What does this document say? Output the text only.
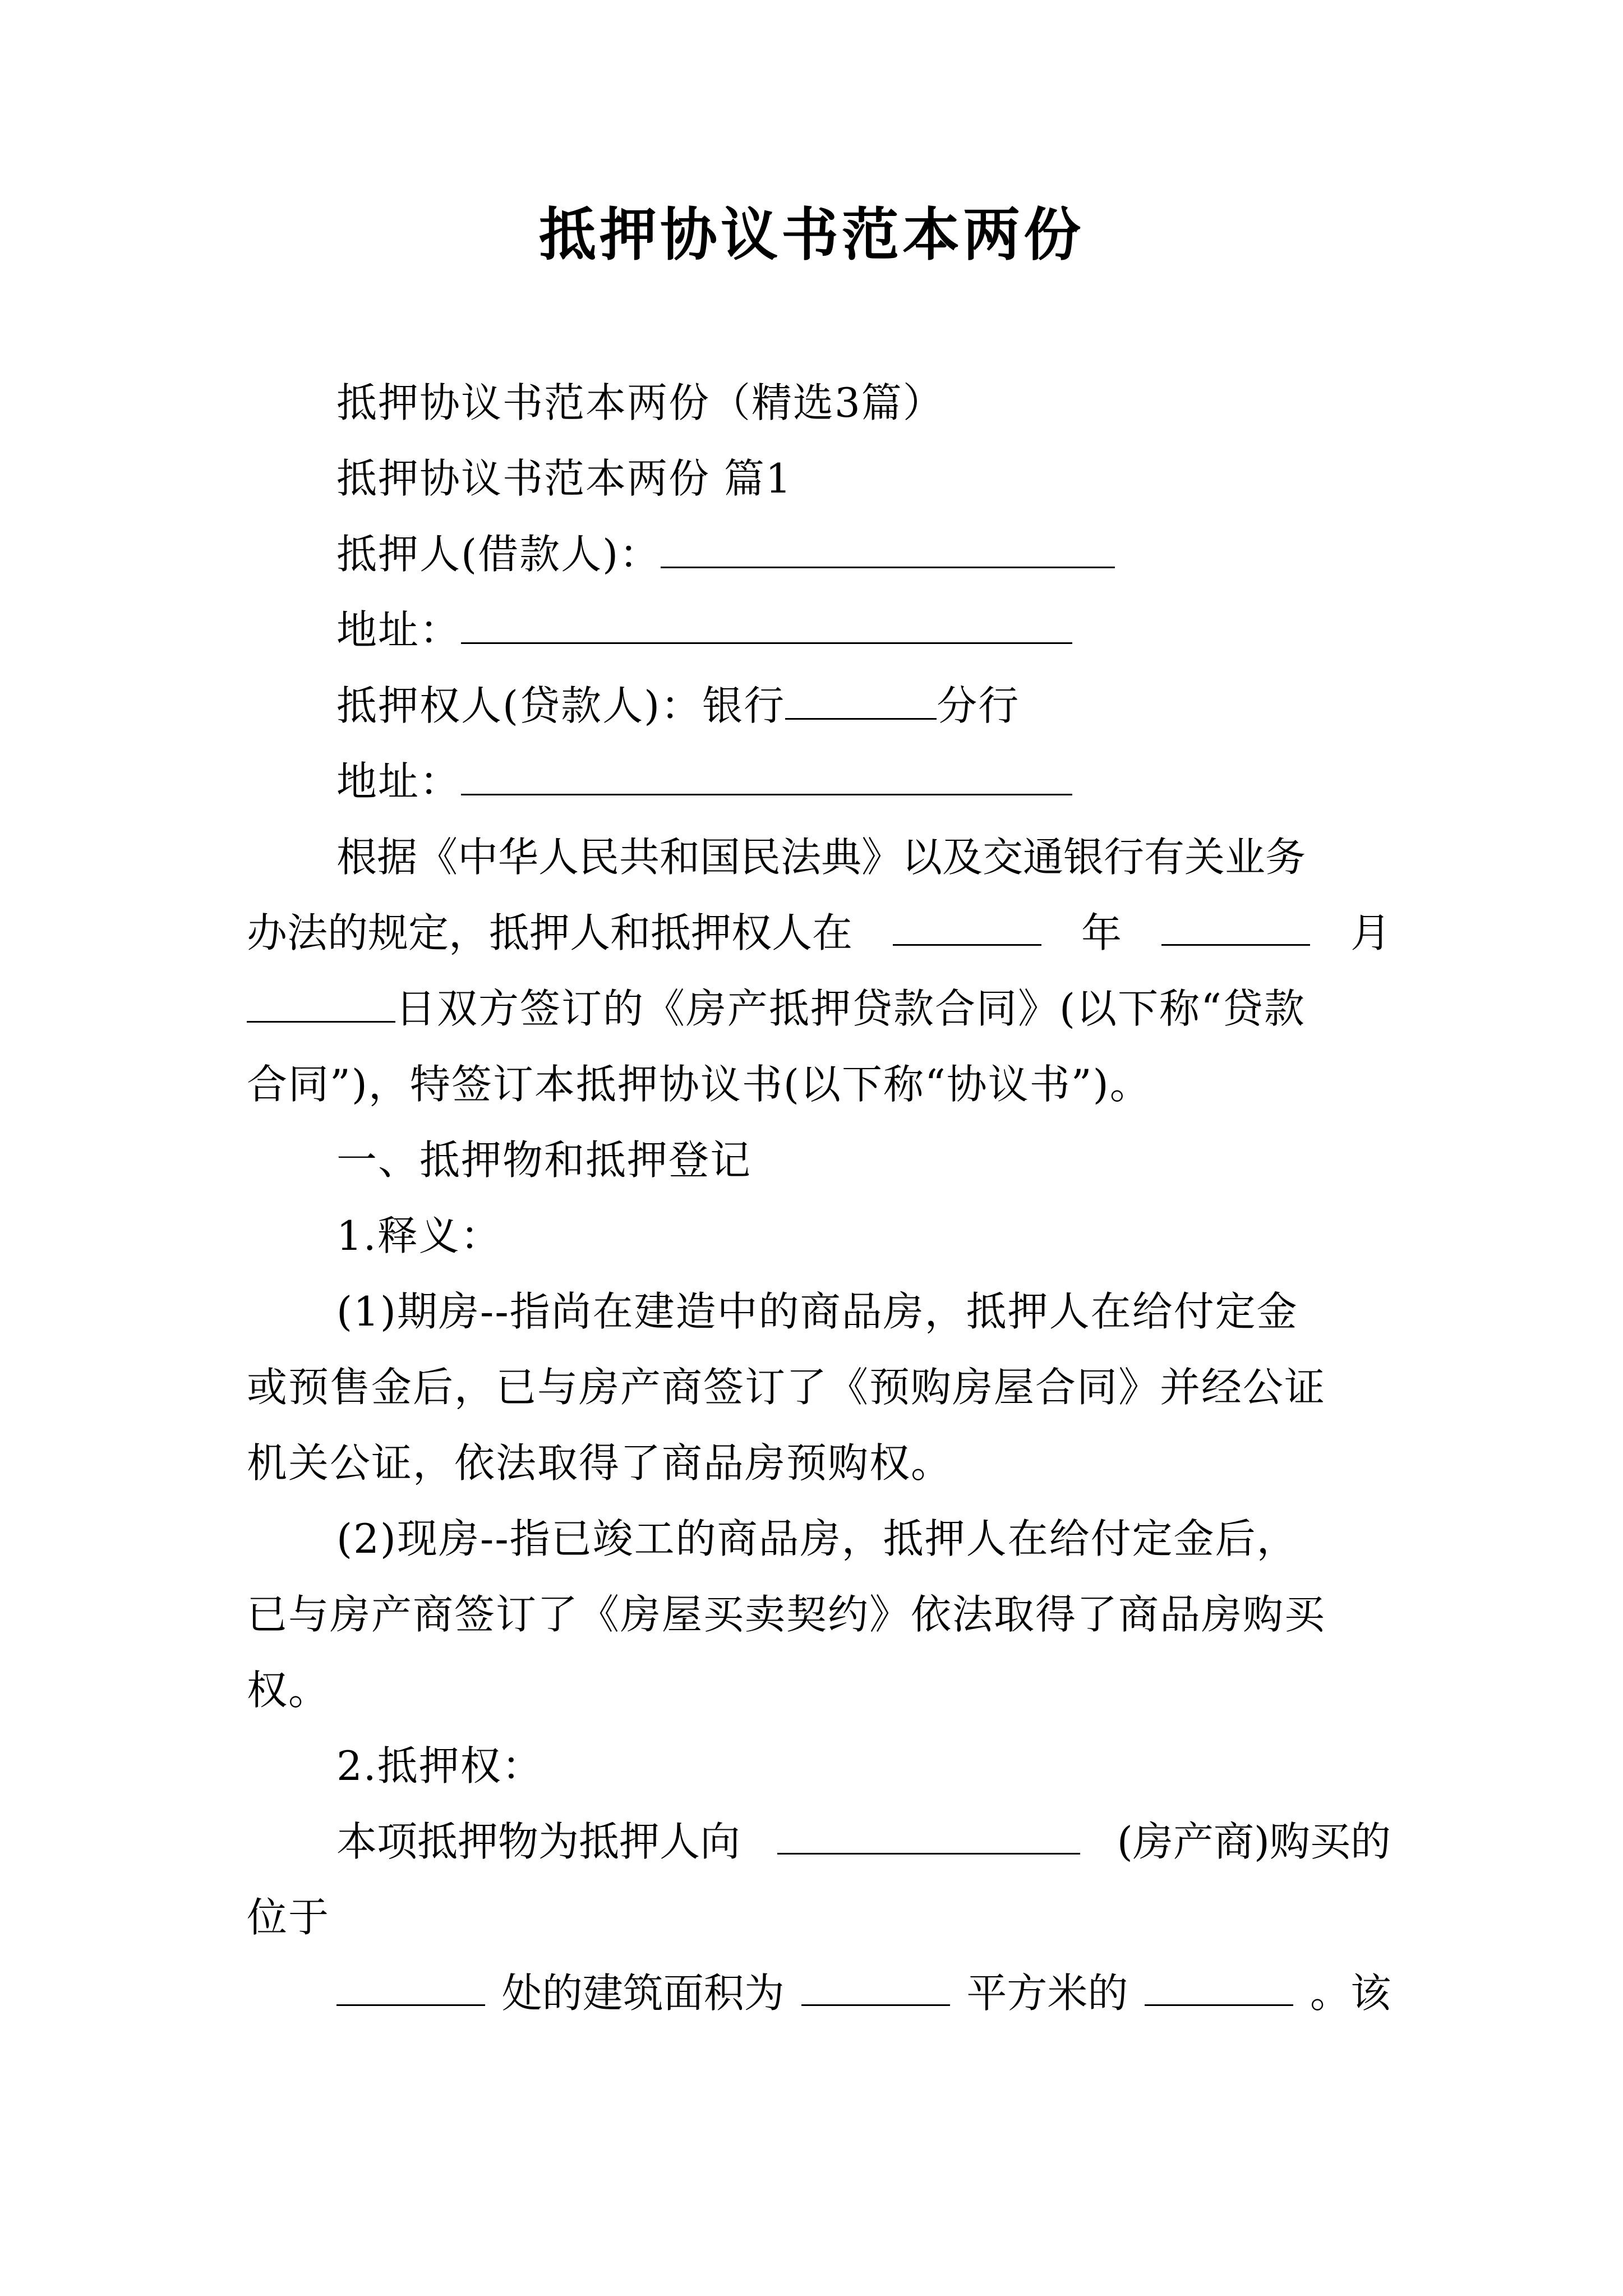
抵押协议书范本两份
抵押协议书范本两份（精选3篇）
抵押协议书范本两份 篇1
抵押人(借款人)：
地址：
抵押权人(贷款人)：银行	分行
地址：
根据《中华人民共和国民法典》以及交通银行有关业务
办法的规定，抵押人和抵押权人在	年	月
日双方签订的《房产抵押贷款合同》(以下称“贷款
合同”)，特签订本抵押协议书(以下称“协议书”)。
一、抵押物和抵押登记
1.释义：
(1)期房--指尚在建造中的商品房，抵押人在给付定金
或预售金后，已与房产商签订了《预购房屋合同》并经公证
机关公证，依法取得了商品房预购权。
(2)现房--指已竣工的商品房，抵押人在给付定金后，
已与房产商签订了《房屋买卖契约》依法取得了商品房购买
权。
2.抵押权：
本项抵押物为抵押人向	(房产商)购买的
位于
处的建筑面积为	平方米的	。该
